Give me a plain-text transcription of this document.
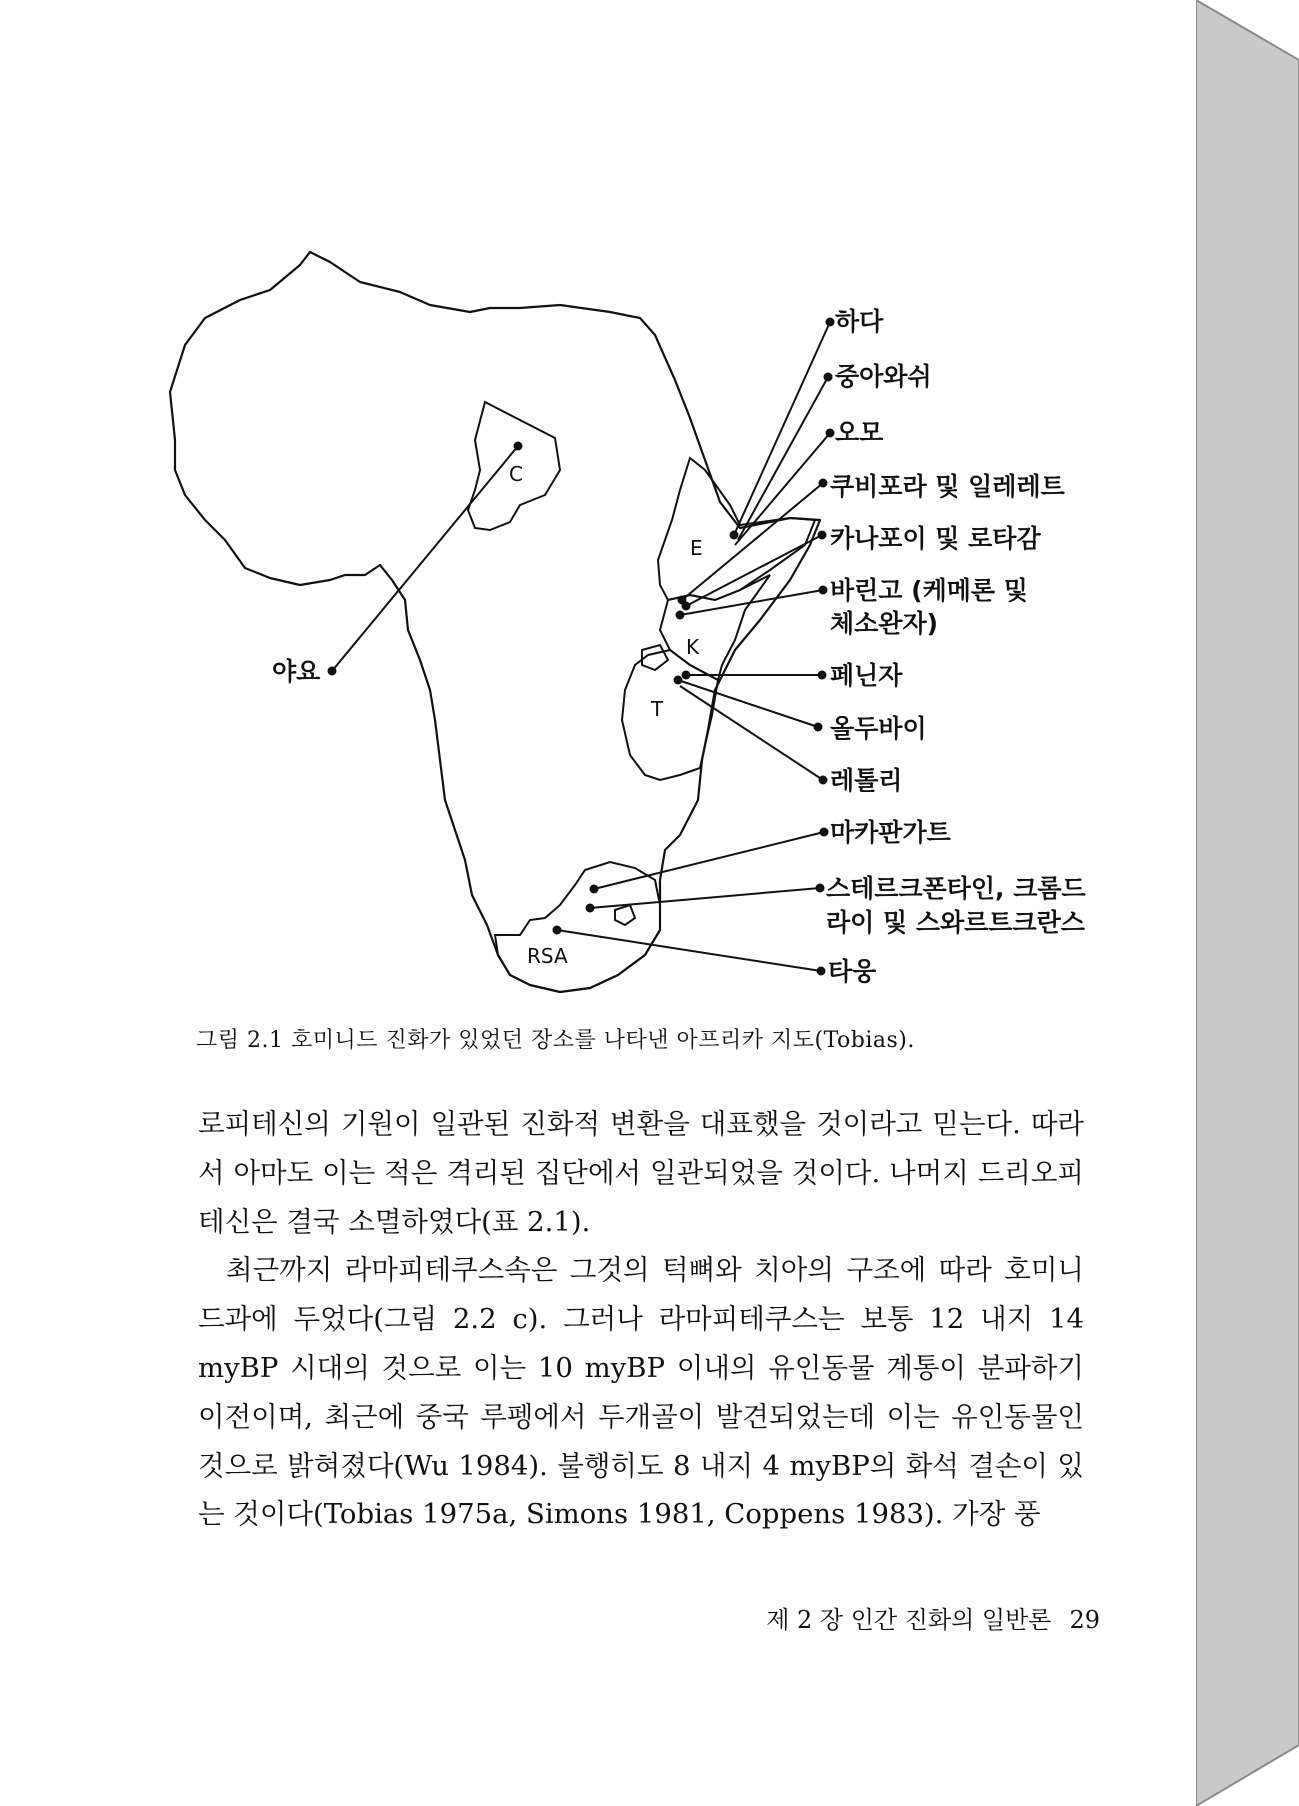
C
E
K
T
RSA
하다
중아와쉬
오모
쿠비포라 및 일레레트
카나포이 및 로타감
바린고 (케메론 및
체소완자)
페닌자
올두바이
레톨리
마카판가트
스테르크폰타인, 크롬드
라이 및 스와르트크란스
타웅
야요
그림 2.1 호미니드 진화가 있었던 장소를 나타낸 아프리카 지도(Tobias).

로피테신의 기원이 일관된 진화적 변환을 대표했을 것이라고 믿는다. 따라서 아마도 이는 적은 격리된 집단에서 일관되었을 것이다. 나머지 드리오피테신은 결국 소멸하였다(표 2.1).

최근까지 라마피테쿠스속은 그것의 턱뼈와 치아의 구조에 따라 호미니드과에 두었다(그림 2.2 c). 그러나 라마피테쿠스는 보통 12 내지 14 myBP 시대의 것으로 이는 10 myBP 이내의 유인동물 계통이 분파하기 이전이며, 최근에 중국 루펭에서 두개골이 발견되었는데 이는 유인동물인 것으로 밝혀졌다(Wu 1984). 불행히도 8 내지 4 myBP의 화석 결손이 있는 것이다(Tobias 1975a, Simons 1981, Coppens 1983). 가장 풍

제 2 장 인간 진화의 일반론 29
